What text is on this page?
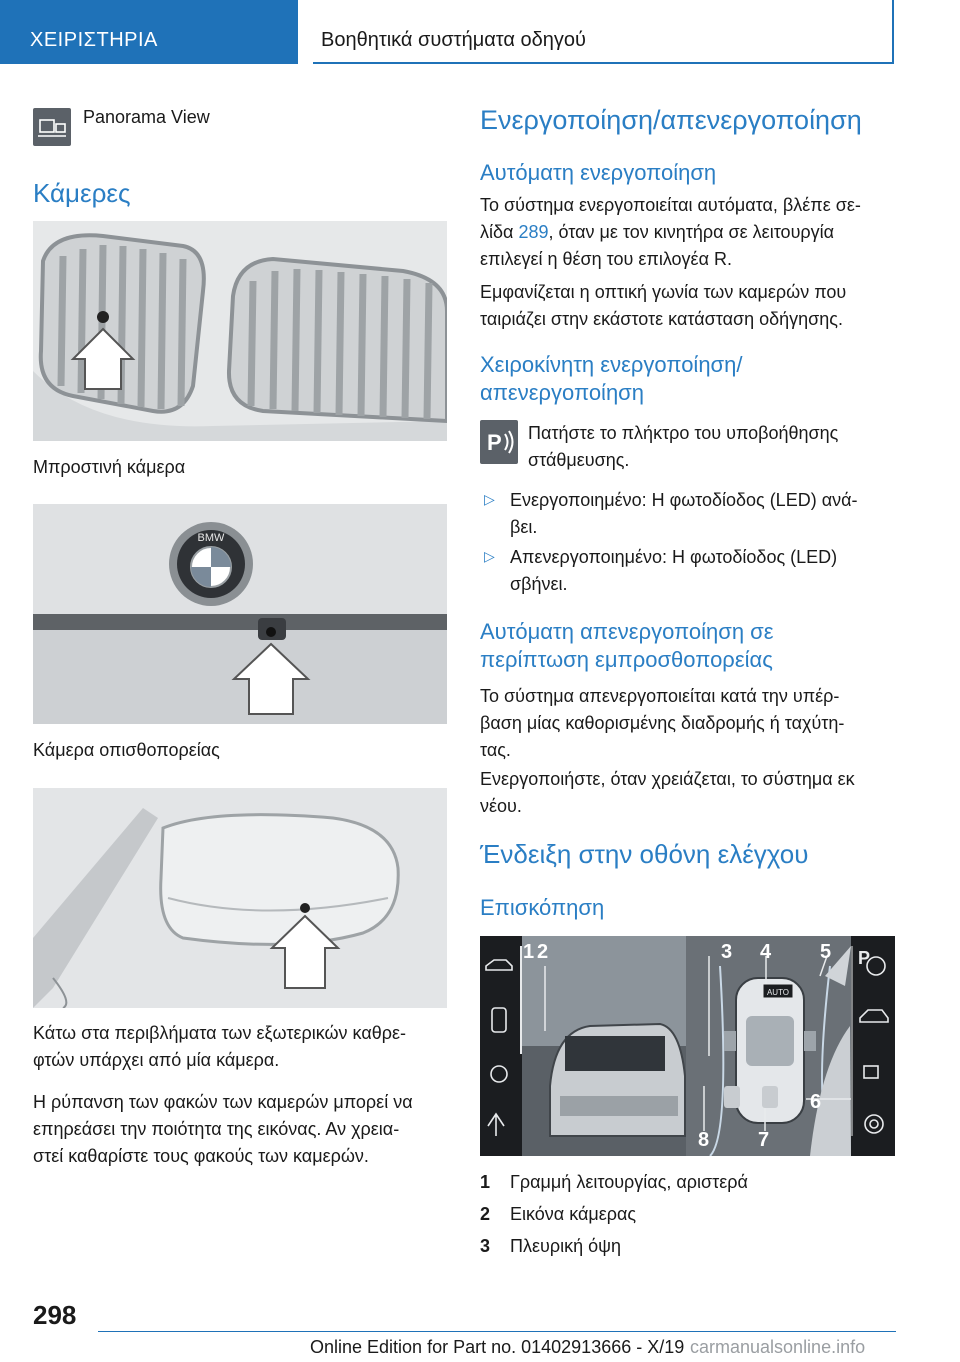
ΧΕΙΡΙΣΤΗΡΙΑ	Βοηθητικά συστήματα οδηγού
Panorama View
Κάμερες
Μπροστινή κάμερα
BMW
Κάμερα οπισθοπορείας
Κάτω στα περιβλήματα των εξωτερικών καθρε-
φτών υπάρχει από μία κάμερα.
Η ρύπανση των φακών των καμερών μπορεί να
επηρεάσει την ποιότητα της εικόνας. Αν χρεια-
στεί καθαρίστε τους φακούς των καμερών.
Ενεργοποίηση/απενεργοποίηση
Αυτόματη ενεργοποίηση
Το σύστημα ενεργοποιείται αυτόματα, βλέπε σε-
λίδα 289, όταν με τον κινητήρα σε λειτουργία
επιλεγεί η θέση του επιλογέα R.
Εμφανίζεται η οπτική γωνία των καμερών που
ταιριάζει στην εκάστοτε κατάσταση οδήγησης.
Χειροκίνητη ενεργοποίηση/
απενεργοποίηση
P Πατήστε το πλήκτρο του υποβοήθησης
στάθμευσης.
▷ Ενεργοποιημένο: Η φωτοδίοδος (LED) ανά-
βει.
▷ Απενεργοποιημένο: Η φωτοδίοδος (LED)
σβήνει.
Αυτόματη απενεργοποίηση σε
περίπτωση εμπροσθοπορείας
Το σύστημα απενεργοποιείται κατά την υπέρ-
βαση μίας καθορισμένης διαδρομής ή ταχύτη-
τας.
Ενεργοποιήστε, όταν χρειάζεται, το σύστημα εκ
νέου.
Ένδειξη στην οθόνη ελέγχου
Επισκόπηση
AUTO
P
1 2	3 4 5
6
7
8
1 Γραμμή λειτουργίας, αριστερά
2 Εικόνα κάμερας
3 Πλευρική όψη
298
Online Edition for Part no. 01402913666 - X/19 carmanualsonline.info
